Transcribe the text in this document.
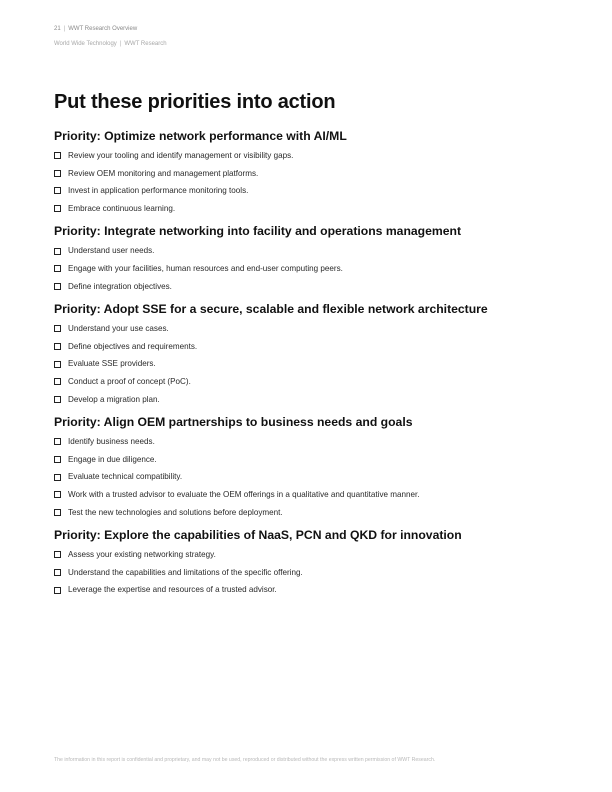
21 | WWT Research Overview
World Wide Technology | WWT Research
Put these priorities into action
Priority: Optimize network performance with AI/ML
Review your tooling and identify management or visibility gaps.
Review OEM monitoring and management platforms.
Invest in application performance monitoring tools.
Embrace continuous learning.
Priority: Integrate networking into facility and operations management
Understand user needs.
Engage with your facilities, human resources and end-user computing peers.
Define integration objectives.
Priority: Adopt SSE for a secure, scalable and flexible network architecture
Understand your use cases.
Define objectives and requirements.
Evaluate SSE providers.
Conduct a proof of concept (PoC).
Develop a migration plan.
Priority: Align OEM partnerships to business needs and goals
Identify business needs.
Engage in due diligence.
Evaluate technical compatibility.
Work with a trusted advisor to evaluate the OEM offerings in a qualitative and quantitative manner.
Test the new technologies and solutions before deployment.
Priority: Explore the capabilities of NaaS, PCN and QKD for innovation
Assess your existing networking strategy.
Understand the capabilities and limitations of the specific offering.
Leverage the expertise and resources of a trusted advisor.
The information in this report is confidential and proprietary, and may not be used, reproduced or distributed without the express written permission of WWT Research.
